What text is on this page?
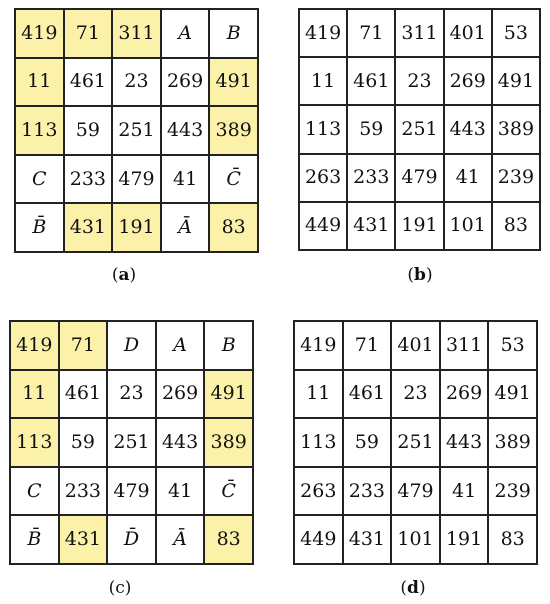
419 71 311	A	B
11 461 23 269 491
113 59 251 443 389
C	233 479 41	C̄
B̄	431 191	Ā	83
(a)
419 71 311 401 53
11 461 23 269 491
113 59 251 443 389
263 233 479 41 239
449 431 191 101 83
(b)
419 71	D	A	B
11 461 23 269 491
113 59 251 443 389
C	233 479 41	C̄
B̄	431	D̄	Ā	83
(c)
419 71 401 311 53
11 461 23 269 491
113 59 251 443 389
263 233 479 41 239
449 431 101 191 83
(d)
